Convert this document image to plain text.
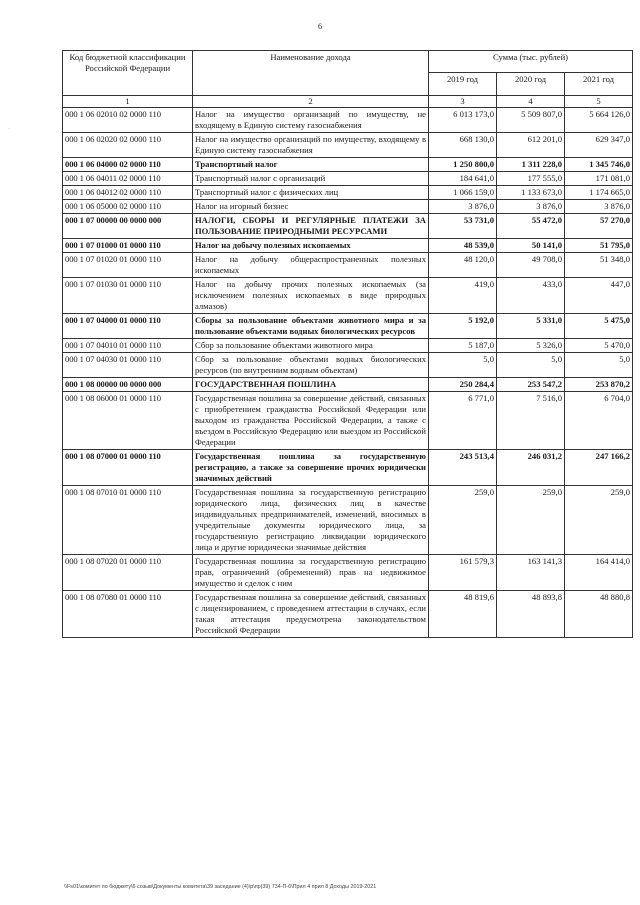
6
·
Код бюджетной классификации Российской Федерации	Наименование дохода	Сумма (тыс. рублей)		
		2019 год	2020 год	2021 год
1	2	3	4	5
000 1 06 02010 02 0000 110	Налог на имущество организаций по имуществу, не входящему в Единую систему газоснабжения	6 013 173,0	5 509 807,0	5 664 126,0
000 1 06 02020 02 0000 110	Налог на имущество организаций по имуществу, входящему в Единую систему газоснабжения	668 130,0	612 201,0	629 347,0
000 1 06 04000 02 0000 110	Транспортный налог	1 250 800,0	1 311 228,0	1 345 746,0
000 1 06 04011 02 0000 110	Транспортный налог с организаций	184 641,0	177 555,0	171 081,0
000 1 06 04012 02 0000 110	Транспортный налог с физических лиц	1 066 159,0	1 133 673,0	1 174 665,0
000 1 06 05000 02 0000 110	Налог на игорный бизнес	3 876,0	3 876,0	3 876,0
000 1 07 00000 00 0000 000	НАЛОГИ, СБОРЫ И РЕГУЛЯРНЫЕ ПЛАТЕЖИ ЗА ПОЛЬЗОВАНИЕ ПРИРОДНЫМИ РЕСУРСАМИ	53 731,0	55 472,0	57 270,0
000 1 07 01000 01 0000 110	Налог на добычу полезных ископаемых	48 539,0	50 141,0	51 795,0
000 1 07 01020 01 0000 110	Налог на добычу общераспространенных полезных ископаемых	48 120,0	49 708,0	51 348,0
000 1 07 01030 01 0000 110	Налог на добычу прочих полезных ископаемых (за исключением полезных ископаемых в виде природных алмазов)	419,0	433,0	447,0
000 1 07 04000 01 0000 110	Сборы за пользование объектами животного мира и за пользование объектами водных биологических ресурсов	5 192,0	5 331,0	5 475,0
000 1 07 04010 01 0000 110	Сбор за пользование объектами животного мира	5 187,0	5 326,0	5 470,0
000 1 07 04030 01 0000 110	Сбор за пользование объектами водных биологических ресурсов (по внутренним водным объектам)	5,0	5,0	5,0
000 1 08 00000 00 0000 000	ГОСУДАРСТВЕННАЯ ПОШЛИНА	250 284,4	253 547,2	253 870,2
000 1 08 06000 01 0000 110	Государственная пошлина за совершение действий, связанных с приобретением гражданства Российской Федерации или выходом из гражданства Российской Федерации, а также с въездом в Российскую Федерацию или выездом из Российской Федерации	6 771,0	7 516,0	6 704,0
000 1 08 07000 01 0000 110	Государственная пошлина за государственную регистрацию, а также за совершение прочих юридически значимых действий	243 513,4	246 031,2	247 166,2
000 1 08 07010 01 0000 110	Государственная пошлина за государственную регистрацию юридического лица, физических лиц в качестве индивидуальных предпринимателей, изменений, вносимых в учредительные документы юридического лица, за государственную регистрацию ликвидации юридического лица и другие юридически значимые действия	259,0	259,0	259,0
000 1 08 07020 01 0000 110	Государственная пошлина за государственную регистрацию прав, ограничений (обременений) прав на недвижимое имущество и сделок с ним	161 579,3	163 141,3	164 414,0
000 1 08 07080 01 0000 110	Государственная пошлина за совершение действий, связанных с лицензированием, с проведением аттестации в случаях, если такая аттестация предусмотрена законодательством Российской Федерации	48 819,6	48 893,8	48 880,8
\\Fs01\комитет по бюджету\6 созыв\Документы комитета\39 заседание (4)\p\пр(39) 734-П-6\Прил 4 прил 8 Доходы 2019-2021
